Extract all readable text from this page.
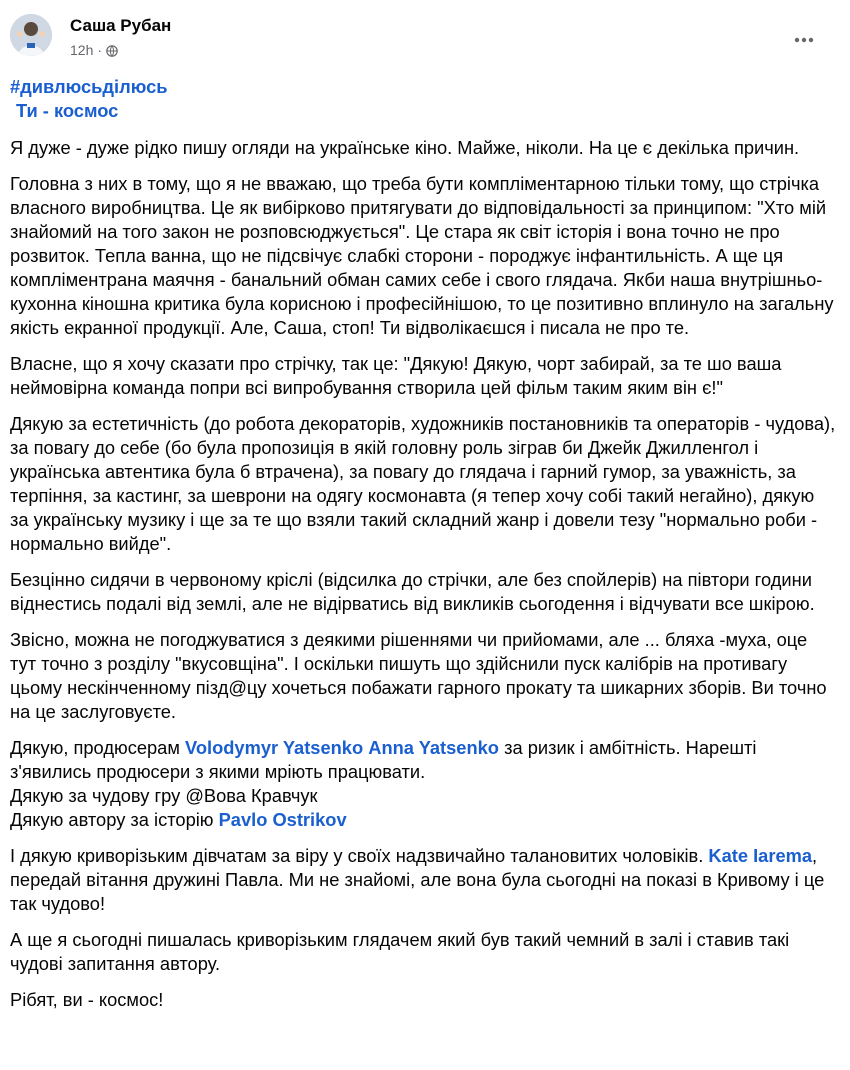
Саша Рубан
12h ·

#дивлюсьділюсь
Ти - космос

Я дуже - дуже рідко пишу огляди на українське кіно. Майже, ніколи. На це є декілька причин.

Головна з них в тому, що я не вважаю, що треба бути компліментарною тільки тому, що стрічка власного виробництва. Це як вибірково притягувати до відповідальності за принципом: "Хто мій знайомий на того закон не розповсюджується". Це стара як світ історія і вона точно не про розвиток. Тепла ванна, що не підсвічує слабкі сторони - породжує інфантильність. А ще ця компліментрана маячня - банальний обман самих себе і свого глядача. Якби наша внутрішньо-кухонна кіношна критика була корисною і професійнішою, то це позитивно вплинуло на загальну якість екранної продукції. Але, Саша, стоп! Ти відволікаєшся і писала не про те.

Власне, що я хочу сказати про стрічку, так це: "Дякую! Дякую, чорт забирай, за те шо ваша неймовірна команда попри всі випробування створила цей фільм таким яким він є!"

Дякую за естетичність (до робота декораторів, художників постановників та операторів - чудова), за повагу до себе (бо була пропозиція в якій головну роль зіграв би Джейк Джилленгол і українська автентика була б втрачена), за повагу до глядача і гарний гумор, за уважність, за терпіння, за кастинг, за шеврони на одягу космонавта (я тепер хочу собі такий негайно), дякую за українську музику і ще за те що взяли такий складний жанр і довели тезу "нормально роби - нормально вийде".

Безцінно сидячи в червоному кріслі (відсилка до стрічки, але без спойлерів) на півтори години віднестись подалі від землі, але не відірватись від викликів сьогодення і відчувати все шкірою.

Звісно, можна не погоджуватися з деякими рішеннями чи прийомами, але ... бляха -муха, оце тут точно з розділу "вкусовщіна". І оскільки пишуть що здійснили пуск калібрів на противагу цьому нескінченному пізд@цу хочеться побажати гарного прокату та шикарних зборів. Ви точно на це заслуговуєте.

Дякую, продюсерам Volodymyr Yatsenko Anna Yatsenko за ризик і амбітність. Нарешті з'явились продюсери з якими мріють працювати.

Дякую за чудову гру @Вова Кравчук

Дякую автору за історію Pavlo Ostrikov

І дякую криворізьким дівчатам за віру у своїх надзвичайно талановитих чоловіків. Kate Iarema, передай вітання дружині Павла. Ми не знайомі, але вона була сьогодні на показі в Кривому і це так чудово!

А ще я сьогодні пишалась криворізьким глядачем який був такий чемний в залі і ставив такі чудові запитання автору.

Рібят, ви - космос!
